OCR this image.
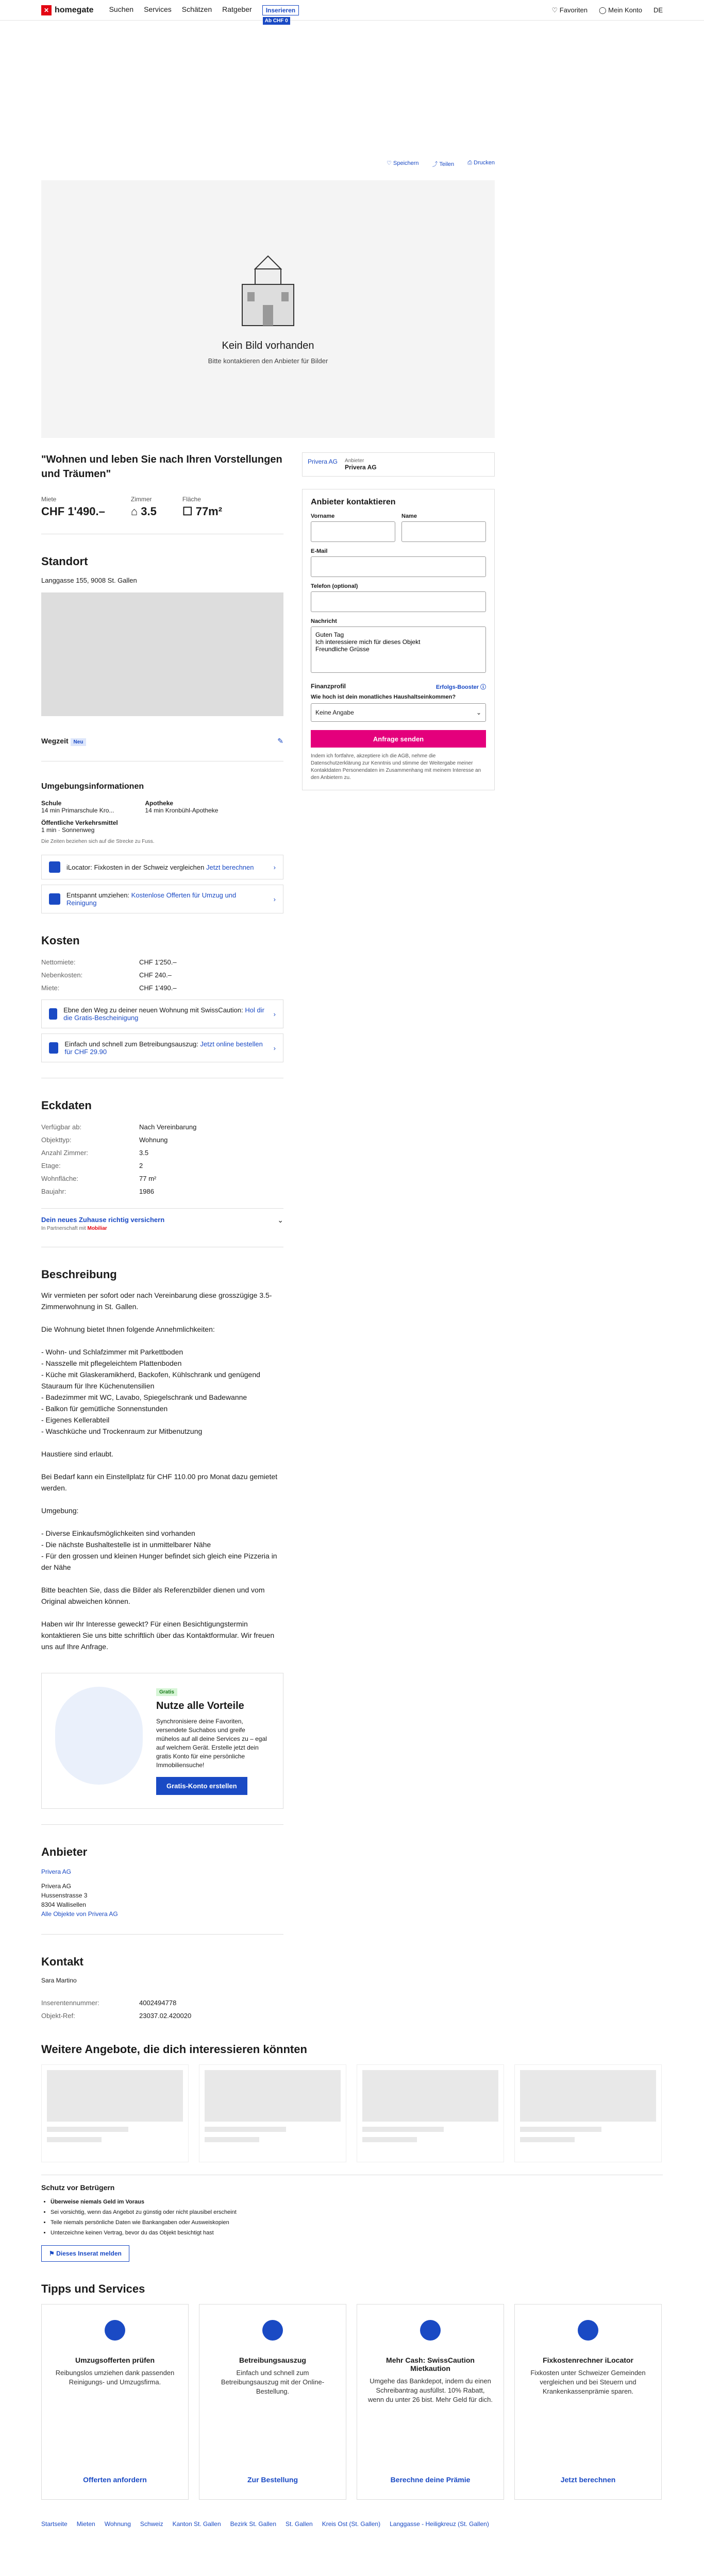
✕ homegate Suchen Services Schätzen Ratgeber	Inserieren
Ab CHF 0
♡ Favoriten ◯ Mein Konto DE
♡ Speichern ⤴ Teilen ⎙ Drucken
Kein Bild vorhanden
Bitte kontaktieren den Anbieter für Bilder
"Wohnen und leben Sie nach Ihren Vorstellungen und Träumen"
Miete
CHF 1'490.–
Zimmer
⌂ 3.5
Fläche
☐ 77m²
Standort
Langgasse 155, 9008 St. Gallen
Wegzeit Neu	✎
Umgebungsinformationen
Schule
14 min Primarschule Kro...
Apotheke
14 min Kronbühl-Apotheke
Öffentliche Verkehrsmittel
1 min · Sonnenweg
Die Zeiten beziehen sich auf die Strecke zu Fuss.
iLocator: Fixkosten in der Schweiz vergleichen Jetzt berechnen	›
Entspannt umziehen: Kostenlose Offerten für Umzug und Reinigung	›
Kosten
Nettomiete:	CHF 1'250.–
Nebenkosten:	CHF 240.–
Miete:	CHF 1'490.–
Ebne den Weg zu deiner neuen Wohnung mit SwissCaution: Hol dir die Gratis-Bescheinigung	›
Einfach und schnell zum Betreibungsauszug: Jetzt online bestellen für CHF 29.90	›
Eckdaten
Verfügbar ab:	Nach Vereinbarung
Objekttyp:	Wohnung
Anzahl Zimmer:	3.5
Etage:	2
Wohnfläche:	77 m²
Baujahr:	1986
Dein neues Zuhause richtig versichern
In Partnerschaft mit Mobiliar
⌄
Beschreibung

Wir vermieten per sofort oder nach Vereinbarung diese grosszügige 3.5-Zimmerwohnung in St. Gallen.

Die Wohnung bietet Ihnen folgende Annehmlichkeiten:

- Wohn- und Schlafzimmer mit Parkettboden
- Nasszelle mit pflegeleichtem Plattenboden
- Küche mit Glaskeramikherd, Backofen, Kühlschrank und genügend Stauraum für Ihre Küchenutensilien
- Badezimmer mit WC, Lavabo, Spiegelschrank und Badewanne
- Balkon für gemütliche Sonnenstunden
- Eigenes Kellerabteil
- Waschküche und Trockenraum zur Mitbenutzung

Haustiere sind erlaubt.

Bei Bedarf kann ein Einstellplatz für CHF 110.00 pro Monat dazu gemietet werden.

Umgebung:

- Diverse Einkaufsmöglichkeiten sind vorhanden
- Die nächste Bushaltestelle ist in unmittelbarer Nähe
- Für den grossen und kleinen Hunger befindet sich gleich eine Pizzeria in der Nähe

Bitte beachten Sie, dass die Bilder als Referenzbilder dienen und vom Original abweichen können.

Haben wir Ihr Interesse geweckt? Für einen Besichtigungstermin kontaktieren Sie uns bitte schriftlich über das Kontaktformular. Wir freuen uns auf Ihre Anfrage.

Gratis
Nutze alle Vorteile
Synchronisiere deine Favoriten, versendete Suchabos und greife mühelos auf all deine Services zu – egal auf welchem Gerät. Erstelle jetzt dein gratis Konto für eine persönliche Immobiliensuche!
Gratis-Konto erstellen
Anbieter
Privera AG
Privera AG
Hussenstrasse 3
8304 Wallisellen
Alle Objekte von Privera AG
Kontakt
Sara Martino
Inserentennummer:	4002494778
Objekt-Ref:	23037.02.420020
Privera AG Anbieter
Privera AG
Anbieter kontaktieren
Vorname	Name
E-Mail
Telefon (optional)
Nachricht
Guten Tag Ich interessiere mich für dieses Objekt Freundliche Grüsse
Finanzprofil	Erfolgs-Booster ⓘ
Wie hoch ist dein monatliches Haushaltseinkommen?
Keine Angabe	⌄
Anfrage senden
Indem ich fortfahre, akzeptiere ich die AGB, nehme die Datenschutzerklärung zur Kenntnis und stimme der Weitergabe meiner Kontaktdaten Personendaten im Zusammenhang mit meinem Interesse an den Anbietern zu.
Weitere Angebote, die dich interessieren könnten
Schutz vor Betrügern
• Überweise niemals Geld im Voraus
• Sei vorsichtig, wenn das Angebot zu günstig oder nicht plausibel erscheint
• Teile niemals persönliche Daten wie Bankangaben oder Ausweiskopien
• Unterzeichne keinen Vertrag, bevor du das Objekt besichtigt hast
⚑ Dieses Inserat melden
Tipps und Services
Umzugsofferten prüfen
Reibungslos umziehen dank passenden Reinigungs- und Umzugsfirma.
Offerten anfordern
Betreibungsauszug
Einfach und schnell zum Betreibungsauszug mit der Online-Bestellung.
Zur Bestellung
Mehr Cash: SwissCaution Mietkaution
Umgehe das Bankdepot, indem du einen Schreibantrag ausfüllst. 10% Rabatt, wenn du unter 26 bist. Mehr Geld für dich.
Berechne deine Prämie
Fixkostenrechner iLocator
Fixkosten unter Schweizer Gemeinden vergleichen und bei Steuern und Krankenkassenprämie sparen.
Jetzt berechnen
Startseite Mieten Wohnung Schweiz Kanton St. Gallen Bezirk St. Gallen St. Gallen Kreis Ost (St. Gallen) Langgasse - Heiligkreuz (St. Gallen)
